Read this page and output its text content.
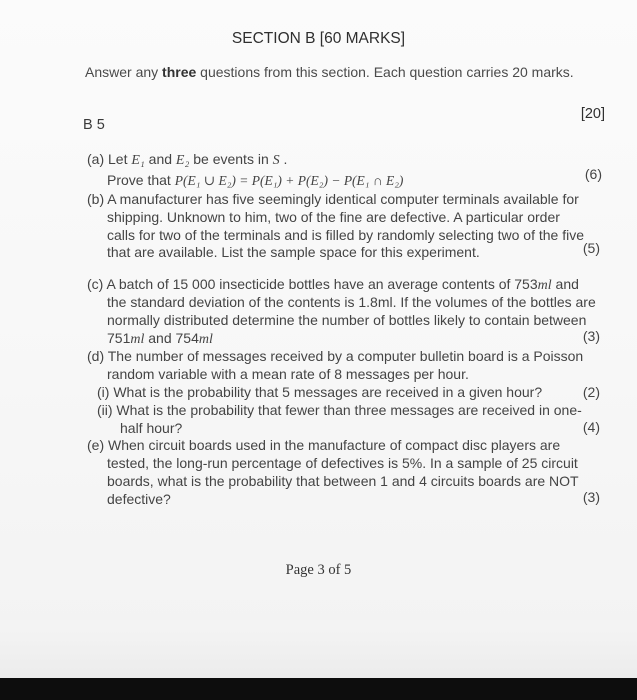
SECTION B [60 MARKS]
Answer any three questions from this section. Each question carries 20 marks.
B 5
[20]
(a) Let E₁ and E₂ be events in S .
Prove that P(E₁ ∪ E₂) = P(E₁) + P(E₂) − P(E₁ ∩ E₂)	(6)
(b) A manufacturer has five seemingly identical computer terminals available for
shipping. Unknown to him, two of the fine are defective. A particular order
calls for two of the terminals and is filled by randomly selecting two of the five
that are available. List the sample space for this experiment.	(5)
(c) A batch of 15 000 insecticide bottles have an average contents of 753ml and
the standard deviation of the contents is 1.8ml. If the volumes of the bottles are
normally distributed determine the number of bottles likely to contain between
751ml and 754ml	(3)
(d) The number of messages received by a computer bulletin board is a Poisson
random variable with a mean rate of 8 messages per hour.
(i) What is the probability that 5 messages are received in a given hour?	(2)
(ii) What is the probability that fewer than three messages are received in one-
half hour?	(4)
(e) When circuit boards used in the manufacture of compact disc players are
tested, the long-run percentage of defectives is 5%. In a sample of 25 circuit
boards, what is the probability that between 1 and 4 circuits boards are NOT
defective?	(3)
Page 3 of 5
